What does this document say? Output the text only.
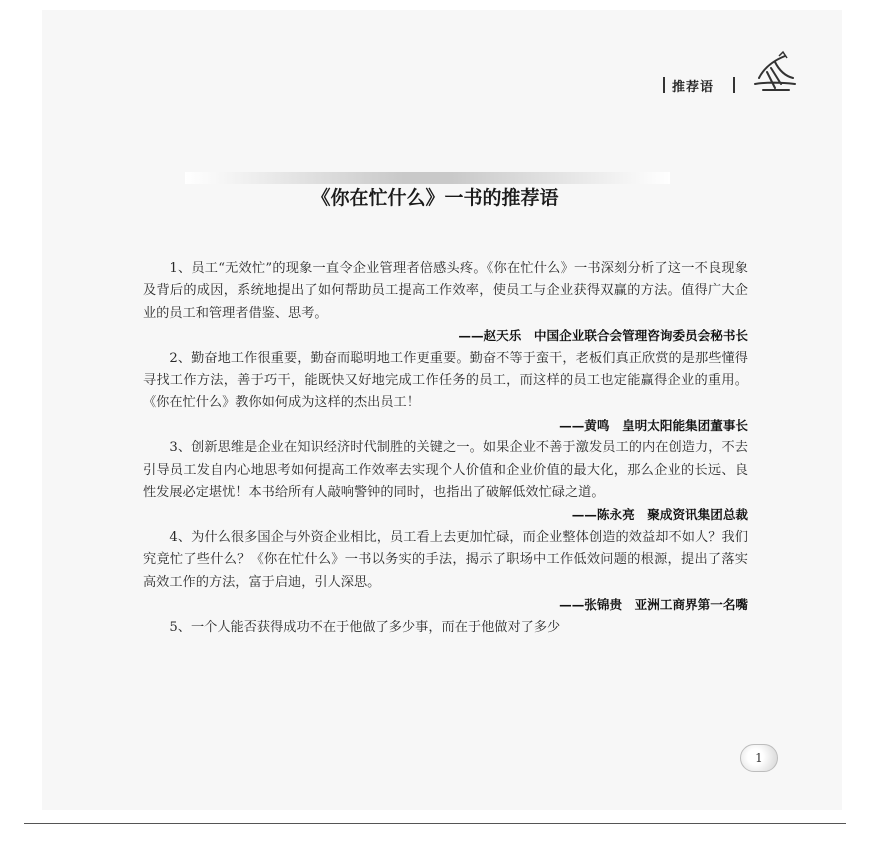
推荐语
《你在忙什么》一书的推荐语

1、员工“无效忙”的现象一直令企业管理者倍感头疼。《你在忙什么》一书深刻分析了这一不良现象及背后的成因，系统地提出了如何帮助员工提高工作效率，使员工与企业获得双赢的方法。值得广大企业的员工和管理者借鉴、思考。

——赵天乐　中国企业联合会管理咨询委员会秘书长

2、勤奋地工作很重要，勤奋而聪明地工作更重要。勤奋不等于蛮干，老板们真正欣赏的是那些懂得寻找工作方法，善于巧干，能既快又好地完成工作任务的员工，而这样的员工也定能赢得企业的重用。《你在忙什么》教你如何成为这样的杰出员工！

——黄鸣　皇明太阳能集团董事长

3、创新思维是企业在知识经济时代制胜的关键之一。如果企业不善于激发员工的内在创造力，不去引导员工发自内心地思考如何提高工作效率去实现个人价值和企业价值的最大化，那么企业的长远、良性发展必定堪忧！本书给所有人敲响警钟的同时，也指出了破解低效忙碌之道。

——陈永亮　聚成资讯集团总裁

4、为什么很多国企与外资企业相比，员工看上去更加忙碌，而企业整体创造的效益却不如人？我们究竟忙了些什么？《你在忙什么》一书以务实的手法，揭示了职场中工作低效问题的根源，提出了落实高效工作的方法，富于启迪，引人深思。

——张锦贵　亚洲工商界第一名嘴

5、一个人能否获得成功不在于他做了多少事，而在于他做对了多少

1
